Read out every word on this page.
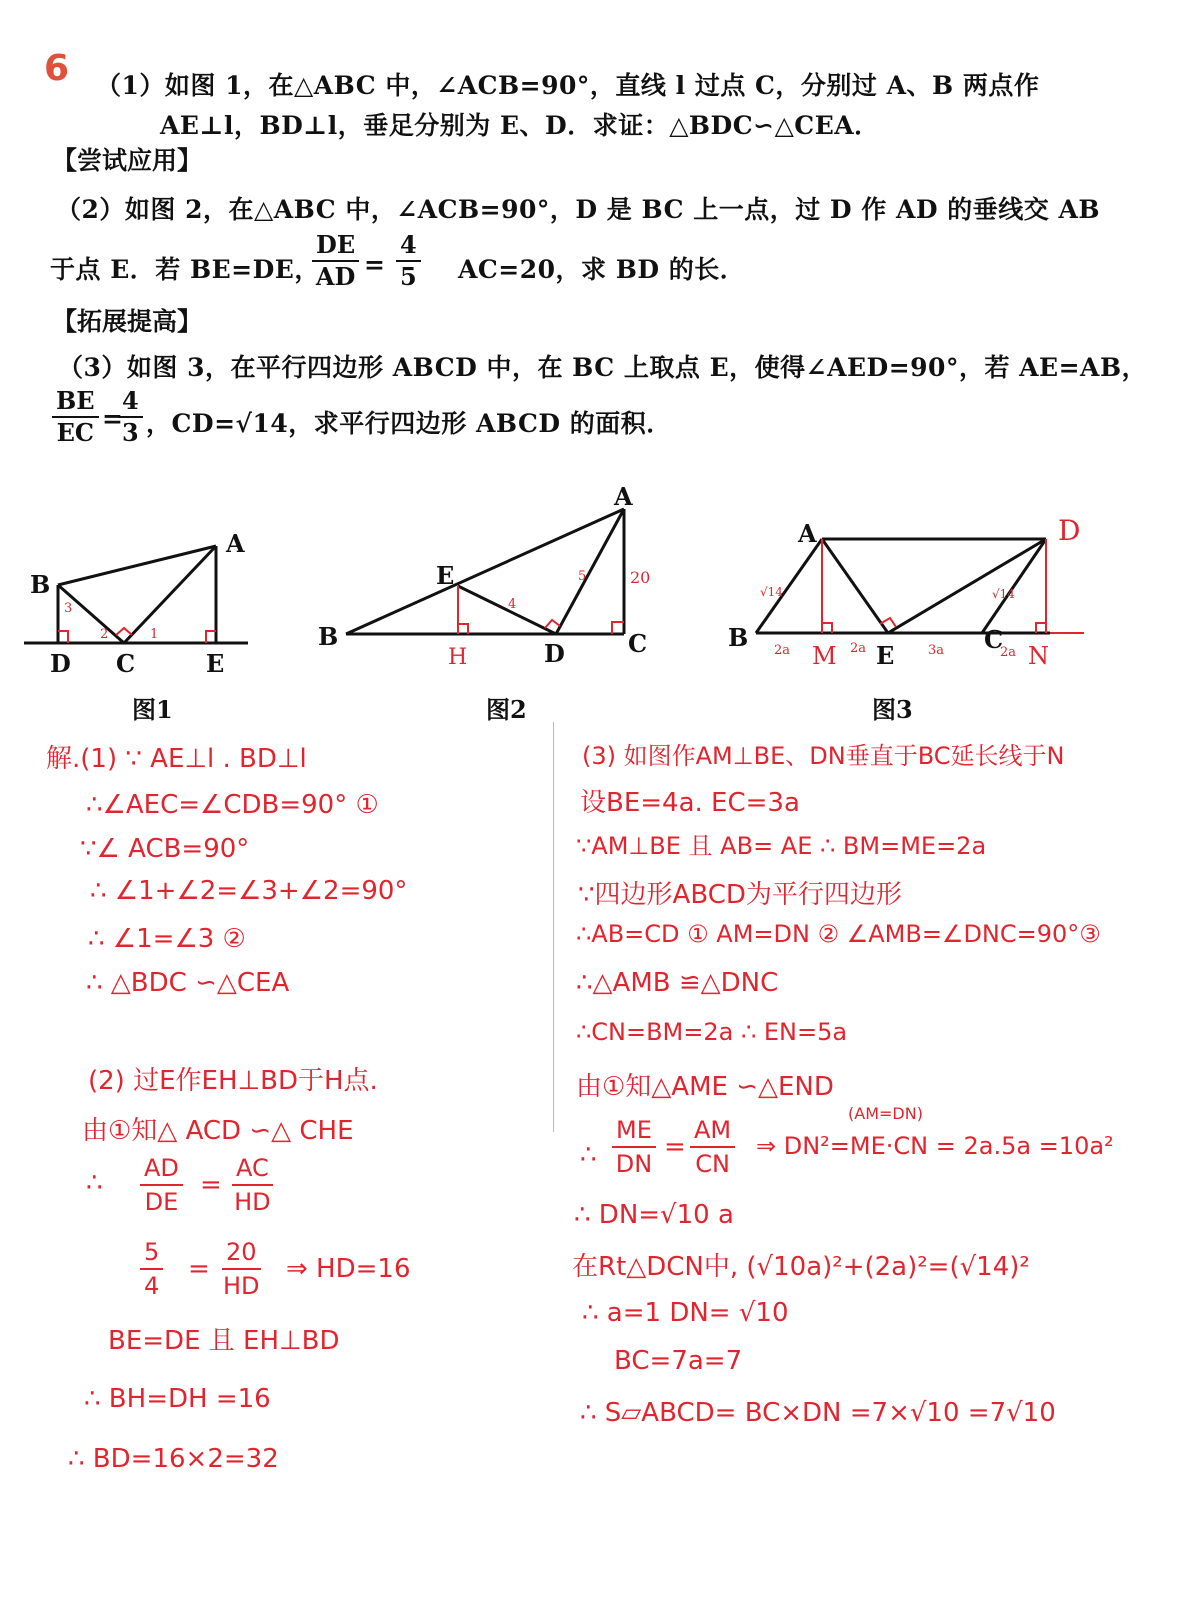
6 （1）如图 1，在△ABC 中，∠ACB=90°，直线 l 过点 C，分别过 A、B 两点作
AE⊥l，BD⊥l，垂足分别为 E、D．求证：△BDC∽△CEA．
【尝试应用】
（2）如图 2，在△ABC 中，∠ACB=90°，D 是 BC 上一点，过 D 作 AD 的垂线交 AB
于点 E．若 BE=DE，
$\frac{DE}{AD} = \frac{4}{5} AC=20$，求 BD 的长．
【拓展提高】
（3）如图 3，在平行四边形 ABCD 中，在 BC 上取点 E，使得∠AED=90°，若 AE=AB，
$\frac{BE}{EC}$ =
$\frac{4}{3}$ ，CD=√14，求平行四边形 ABCD 的面积．
A
B
C
D	E
1
2
3
A
B	C
D
E
H
20
5
4
A
B	C
E
D
M	N
√14	√14
2a	2a	3a	2a
图1	图2	图3
解.(1) ∵ AE⊥l . BD⊥l
∴∠AEC=∠CDB=90° ①
∵∠ ACB=90°
∴ ∠1+∠2=∠3+∠2=90°
∴ ∠1=∠3 ②
∴ △BDC ∽△CEA
(2) 过E作EH⊥BD于H点.
由①知△ ACD ∽△ CHE
∴ $\frac{AD}{DE} = \frac{AC}{HD}$
$\frac{5}{4} = \frac{20}{HD}$ ⇒ HD=16
BE=DE 且 EH⊥BD
∴ BH=DH =16
∴ BD=16×2=32
(3) 如图作AM⊥BE、DN垂直于BC延长线于N
设BE=4a. EC=3a
∵AM⊥BE 且 AB= AE ∴ BM=ME=2a
∵四边形ABCD为平行四边形
∴AB=CD ① AM=DN ② ∠AMB=∠DNC=90°③
∴△AMB ≌△DNC
∴CN=BM=2a ∴ EN=5a
由①知△AME ∽△END
(AM=DN)
∴ $\frac{ME}{DN} = \frac{AM}{CN}$ ⇒ DN²=ME·CN = 2a.5a =10a²
∴ DN=√10 a
在Rt△DCN中, (√10a)²+(2a)²=(√14)²
∴ a=1 DN= √10
BC=7a=7
∴ S▱ABCD= BC×DN =7×√10 =7√10
